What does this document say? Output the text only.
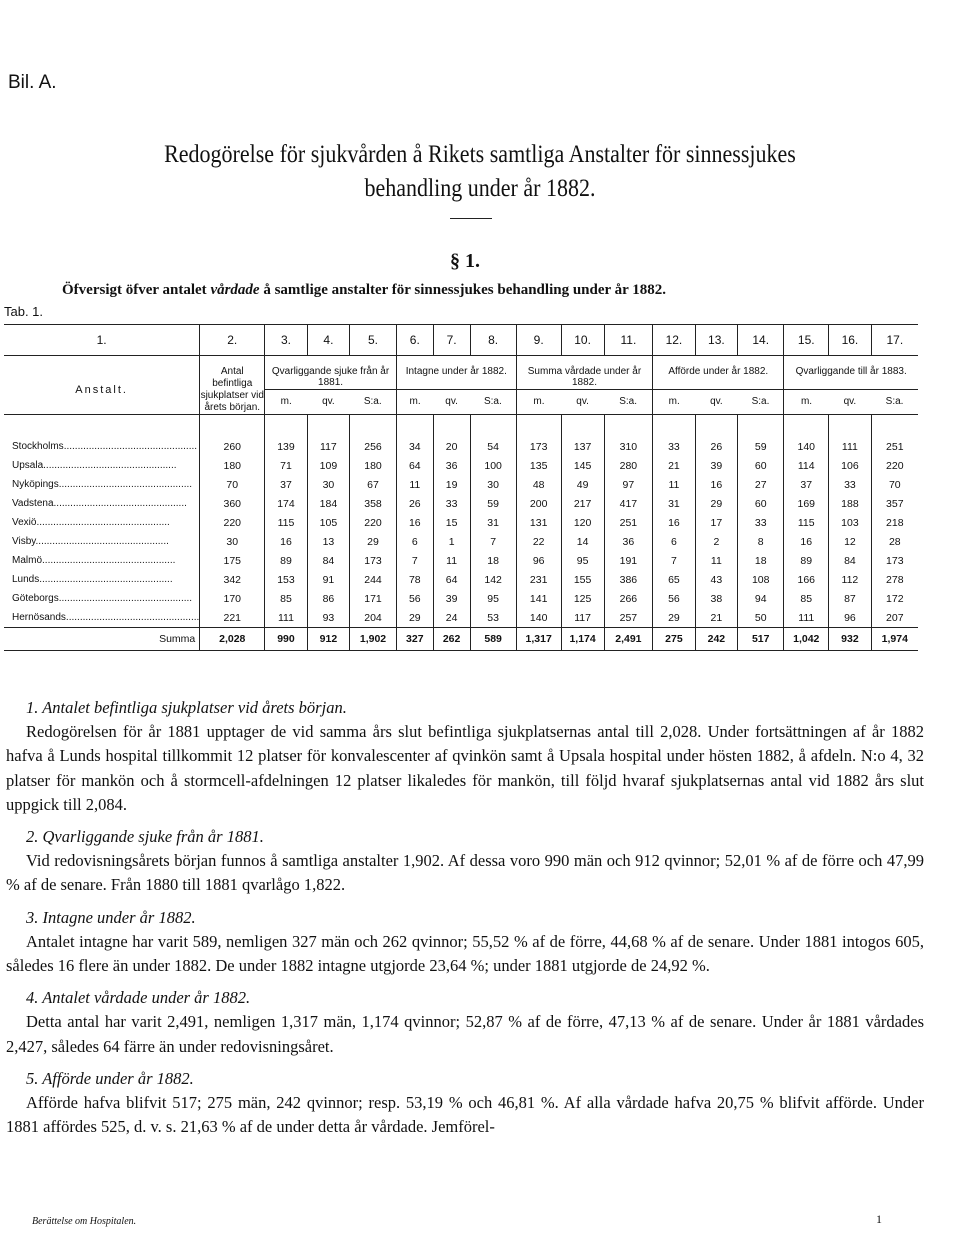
Bil. A.
Redogörelse för sjukvården å Rikets samtliga Anstalter för sinnessjukes
behandling under år 1882.
§ 1.
Öfversigt öfver antalet vårdade å samtlige anstalter för sinnessjukes behandling under år 1882.
Tab. 1.
1.	2.	3.	4.	5.	6.	7.	8.	9.	10.	11.	12.	13.	14.	15.	16.	17.
Anstalt.	Antal befintliga sjukplatser vid årets början.	Qvarliggande sjuke från år 1881.			Intagne under år 1882.			Summa vårdade under år 1882.			Afförde under år 1882.			Qvarliggande till år 1883.		
		m.	qv.	S:a.	m.	qv.	S:a.	m.	qv.	S:a.	m.	qv.	S:a.	m.	qv.	S:a.
Stockholms .....	260	139	117	256	34	20	54	173	137	310	33	26	59	140	111	251
Upsala .....	180	71	109	180	64	36	100	135	145	280	21	39	60	114	106	220
Nyköpings .....	70	37	30	67	11	19	30	48	49	97	11	16	27	37	33	70
Vadstena .....	360	174	184	358	26	33	59	200	217	417	31	29	60	169	188	357
Vexiö .....	220	115	105	220	16	15	31	131	120	251	16	17	33	115	103	218
Visby .....	30	16	13	29	6	1	7	22	14	36	6	2	8	16	12	28
Malmö .....	175	89	84	173	7	11	18	96	95	191	7	11	18	89	84	173
Lunds .....	342	153	91	244	78	64	142	231	155	386	65	43	108	166	112	278
Göteborgs .....	170	85	86	171	56	39	95	141	125	266	56	38	94	85	87	172
Hernösands .....	221	111	93	204	29	24	53	140	117	257	29	21	50	111	96	207
Summa	2,028	990	912	1,902	327	262	589	1,317	1,174	2,491	275	242	517	1,042	932	1,974

1. Antalet befintliga sjukplatser vid årets början.

Redogörelsen för år 1881 upptager de vid samma års slut befintliga sjukplatsernas antal till 2,028. Under fortsättningen af år 1882 hafva å Lunds hospital tillkommit 12 platser för konvalescenter af qvinkön samt å Upsala hospital under hösten 1882, å afdeln. N:o 4, 32 platser för mankön och å stormcell-afdelningen 12 platser likaledes för mankön, till följd hvaraf sjukplatsernas antal vid 1882 års slut uppgick till 2,084.

2. Qvarliggande sjuke från år 1881.

Vid redovisningsårets början funnos å samtliga anstalter 1,902. Af dessa voro 990 män och 912 qvinnor; 52,01 % af de förre och 47,99 % af de senare. Från 1880 till 1881 qvarlågo 1,822.

3. Intagne under år 1882.

Antalet intagne har varit 589, nemligen 327 män och 262 qvinnor; 55,52 % af de förre, 44,68 % af de senare. Under 1881 intogos 605, således 16 flere än under 1882. De under 1882 intagne utgjorde 23,64 %; under 1881 utgjorde de 24,92 %.

4. Antalet vårdade under år 1882.

Detta antal har varit 2,491, nemligen 1,317 män, 1,174 qvinnor; 52,87 % af de förre, 47,13 % af de senare. Under år 1881 vårdades 2,427, således 64 färre än under redovisningsåret.

5. Afförde under år 1882.

Afförde hafva blifvit 517; 275 män, 242 qvinnor; resp. 53,19 % och 46,81 %. Af alla vårdade hafva 20,75 % blifvit afförde. Under 1881 affördes 525, d. v. s. 21,63 % af de under detta år vårdade. Jemförel-

Berättelse om Hospitalen.	1
